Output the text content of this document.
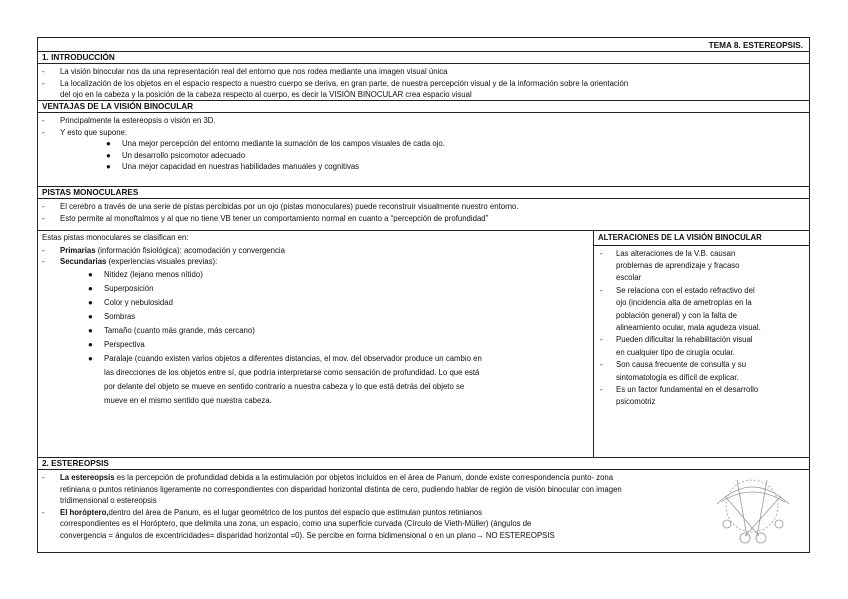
TEMA 8. ESTEREOPSIS.
1. INTRODUCCIÓN
- La visión binocular nos da una representación real del entorno que nos rodea mediante una imagen visual única
- La localización de los objetos en el espacio respecto a nuestro cuerpo se deriva, en gran parte, de nuestra percepción visual y de la información sobre la orientación
del ojo en la cabeza y la posición de la cabeza respecto al cuerpo, es decir la VISIÓN BINOCULAR crea espacio visual
VENTAJAS DE LA VISIÓN BINOCULAR
- Principalmente la estereopsis o visión en 3D.
- Y esto que supone:
● Una mejor percepción del entorno mediante la sumación de los campos visuales de cada ojo.
● Un desarrollo psicomotor adecuado
● Una mejor capacidad en nuestras habilidades manuales y cognitivas
PISTAS MONOCULARES
- El cerebro a través de una serie de pistas percibidas por un ojo (pistas monoculares) puede reconstruir visualmente nuestro entorno.
- Esto permite al monoftalmos y al que no tiene VB tener un comportamiento normal en cuanto a “percepción de profundidad”
Estas pistas monoculares se clasifican en:
- Primarias (información fisiológica): acomodación y convergencia
- Secundarias (experiencias visuales previas):
● Nitidez (lejano menos nítido)
● Superposición
● Color y nebulosidad
● Sombras
● Tamaño (cuanto más grande, más cercano)
● Perspectiva
● Paralaje (cuando existen varios objetos a diferentes distancias, el mov. del observador produce un cambio en
las direcciones de los objetos entre sí, que podría interpretarse como sensación de profundidad. Lo que está
por delante del objeto se mueve en sentido contrario a nuestra cabeza y lo que está detrás del objeto se
mueve en el mismo sentido que nuestra cabeza.
ALTERACIONES DE LA VISIÓN BINOCULAR
- Las alteraciones de la V.B. causan
problemas de aprendizaje y fracaso
escolar
- Se relaciona con el estado refractivo del
ojo (incidencia alta de ametropías en la
población general) y con la falta de
alineamiento ocular, mala agudeza visual.
- Pueden dificultar la rehabilitación visual
en cualquier tipo de cirugía ocular.
- Son causa frecuente de consulta y su
sintomatología es difícil de explicar.
- Es un factor fundamental en el desarrollo
psicomotriz
2. ESTEREOPSIS
- La estereopsis es la percepción de profundidad debida a la estimulación por objetos incluidos en el área de Panum, donde existe correspondencia punto- zona
retiniana o puntos retinianos ligeramente no correspondientes con disparidad horizontal distinta de cero, pudiendo hablar de región de visión binocular con imagen
tridimensional o estereopsis
- El horóptero,dentro del área de Panum, es el lugar geométrico de los puntos del espacio que estimulan puntos retinianos
correspondientes es el Horóptero, que delimita una zona, un espacio, como una superficie curvada (Círculo de Vieth-Müller) (ángulos de
convergencia = ángulos de excentricidades= disparidad horizontal =0). Se percibe en forma bidimensional o en un plano→ NO ESTEREOPSIS
